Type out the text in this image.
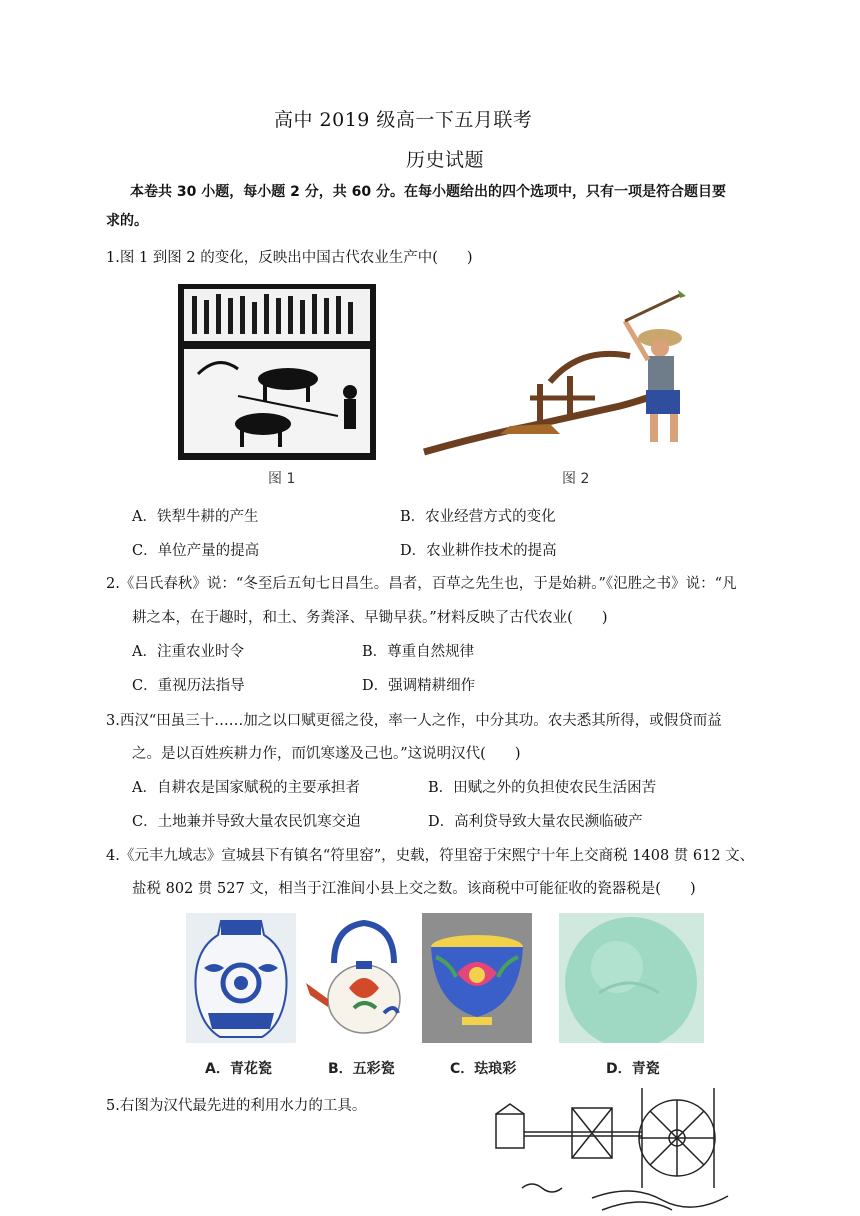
高中 2019 级高一下五月联考
历史试题
本卷共 30 小题，每小题 2 分，共 60 分。在每小题给出的四个选项中，只有一项是符合题目要
求的。
1.图 1 到图 2 的变化，反映出中国古代农业生产中(　　)
图 1	图 2
A．铁犁牛耕的产生	B．农业经营方式的变化
C．单位产量的提高	D．农业耕作技术的提高
2.《吕氏春秋》说：“冬至后五旬七日昌生。昌者，百草之先生也，于是始耕。”《氾胜之书》说：“凡
耕之本，在于趣时，和土、务粪泽、早锄早获。”材料反映了古代农业(　　)
A．注重农业时令	B．尊重自然规律
C．重视历法指导	D．强调精耕细作
3.西汉“田虽三十……加之以口赋更徭之役，率一人之作，中分其功。农夫悉其所得，或假贷而益
之。是以百姓疾耕力作，而饥寒遂及己也。”这说明汉代(　　)
A．自耕农是国家赋税的主要承担者	B．田赋之外的负担使农民生活困苦
C．土地兼并导致大量农民饥寒交迫	D．高利贷导致大量农民濒临破产
4.《元丰九域志》宣城县下有镇名“符里窑”，史载，符里窑于宋熙宁十年上交商税 1408 贯 612 文、
盐税 802 贯 527 文，相当于江淮间小县上交之数。该商税中可能征收的瓷器税是(　　)
A．青花瓷	B．五彩瓷	C．珐琅彩	D．青瓷
5.右图为汉代最先进的利用水力的工具。
